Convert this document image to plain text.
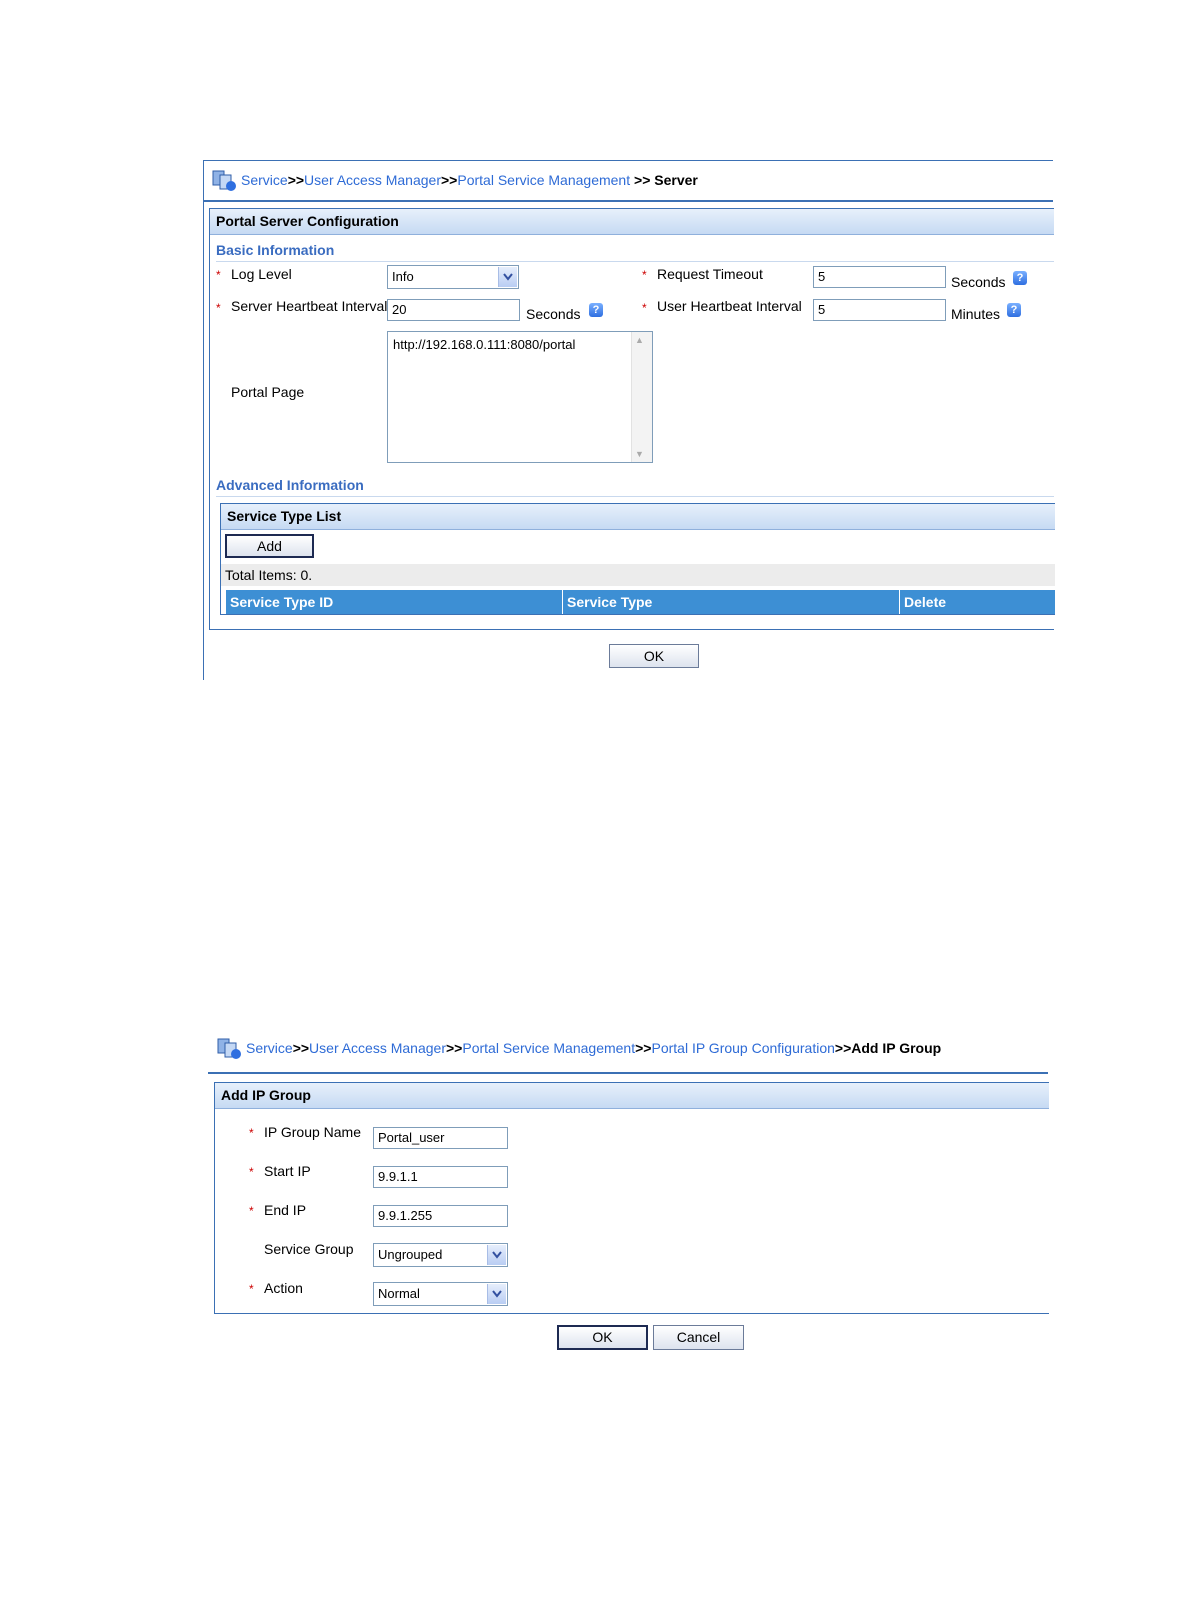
Service>>User Access Manager>>Portal Service Management >> Server
Portal Server Configuration
Basic Information
* Log Level	Info	* Request Timeout	5	Seconds	?
* Server Heartbeat Interval 20	Seconds	?	* User Heartbeat Interval	5	Minutes ?
Portal Page
http://192.168.0.111:8080/portal	▲
▼
Advanced Information
Service Type List
Add
Total Items: 0.
Service Type ID	Service Type	Delete
OK
Service>>User Access Manager>>Portal Service Management>>Portal IP Group Configuration>>Add IP Group
Add IP Group
* IP Group Name	Portal_user
* Start IP	9.9.1.1
* End IP	9.9.1.255
Service Group	Ungrouped
* Action	Normal
OK	Cancel
